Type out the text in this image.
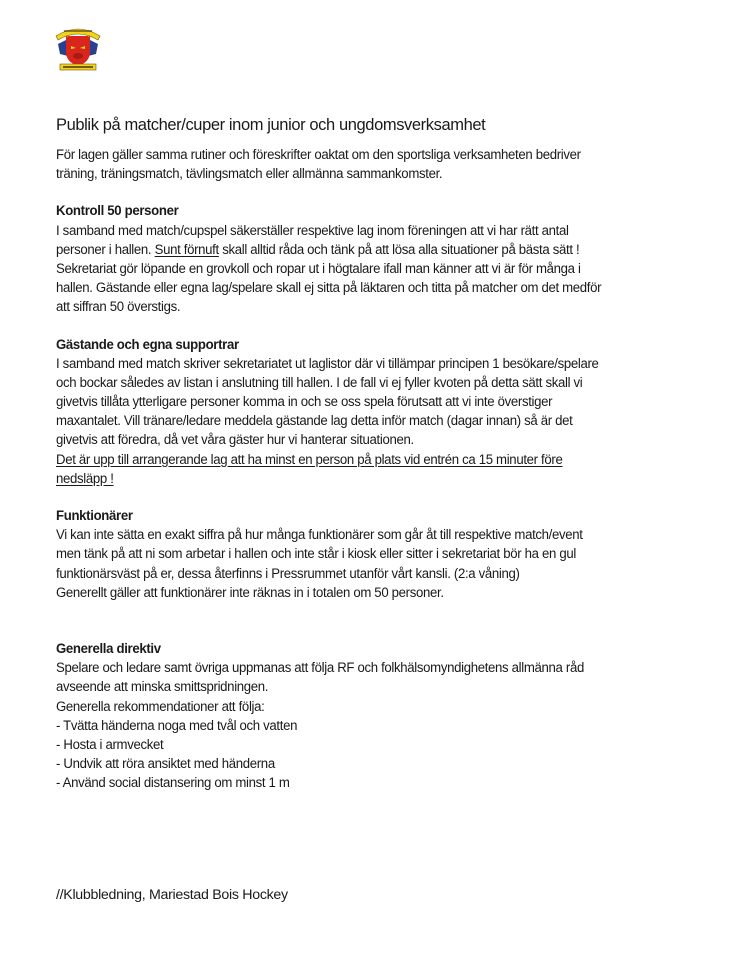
Publik på matcher/cuper inom junior och ungdomsverksamhet
För lagen gäller samma rutiner och föreskrifter oaktat om den sportsliga verksamheten bedriver
träning, träningsmatch, tävlingsmatch eller allmänna sammankomster.
Kontroll 50 personer
I samband med match/cupspel säkerställer respektive lag inom föreningen att vi har rätt antal
personer i hallen. Sunt förnuft skall alltid råda och tänk på att lösa alla situationer på bästa sätt !
Sekretariat gör löpande en grovkoll och ropar ut i högtalare ifall man känner att vi är för många i
hallen. Gästande eller egna lag/spelare skall ej sitta på läktaren och titta på matcher om det medför
att siffran 50 överstigs.
Gästande och egna supportrar
I samband med match skriver sekretariatet ut laglistor där vi tillämpar principen 1 besökare/spelare
och bockar således av listan i anslutning till hallen. I de fall vi ej fyller kvoten på detta sätt skall vi
givetvis tillåta ytterligare personer komma in och se oss spela förutsatt att vi inte överstiger
maxantalet. Vill tränare/ledare meddela gästande lag detta inför match (dagar innan) så är det
givetvis att föredra, då vet våra gäster hur vi hanterar situationen.
Det är upp till arrangerande lag att ha minst en person på plats vid entrén ca 15 minuter före
nedsläpp !
Funktionärer
Vi kan inte sätta en exakt siffra på hur många funktionärer som går åt till respektive match/event
men tänk på att ni som arbetar i hallen och inte står i kiosk eller sitter i sekretariat bör ha en gul
funktionärsväst på er, dessa återfinns i Pressrummet utanför vårt kansli. (2:a våning)
Generellt gäller att funktionärer inte räknas in i totalen om 50 personer.
Generella direktiv
Spelare och ledare samt övriga uppmanas att följa RF och folkhälsomyndighetens allmänna råd
avseende att minska smittspridningen.
Generella rekommendationer att följa:
- Tvätta händerna noga med tvål och vatten
- Hosta i armvecket
- Undvik att röra ansiktet med händerna
- Använd social distansering om minst 1 m
//Klubbledning, Mariestad Bois Hockey
